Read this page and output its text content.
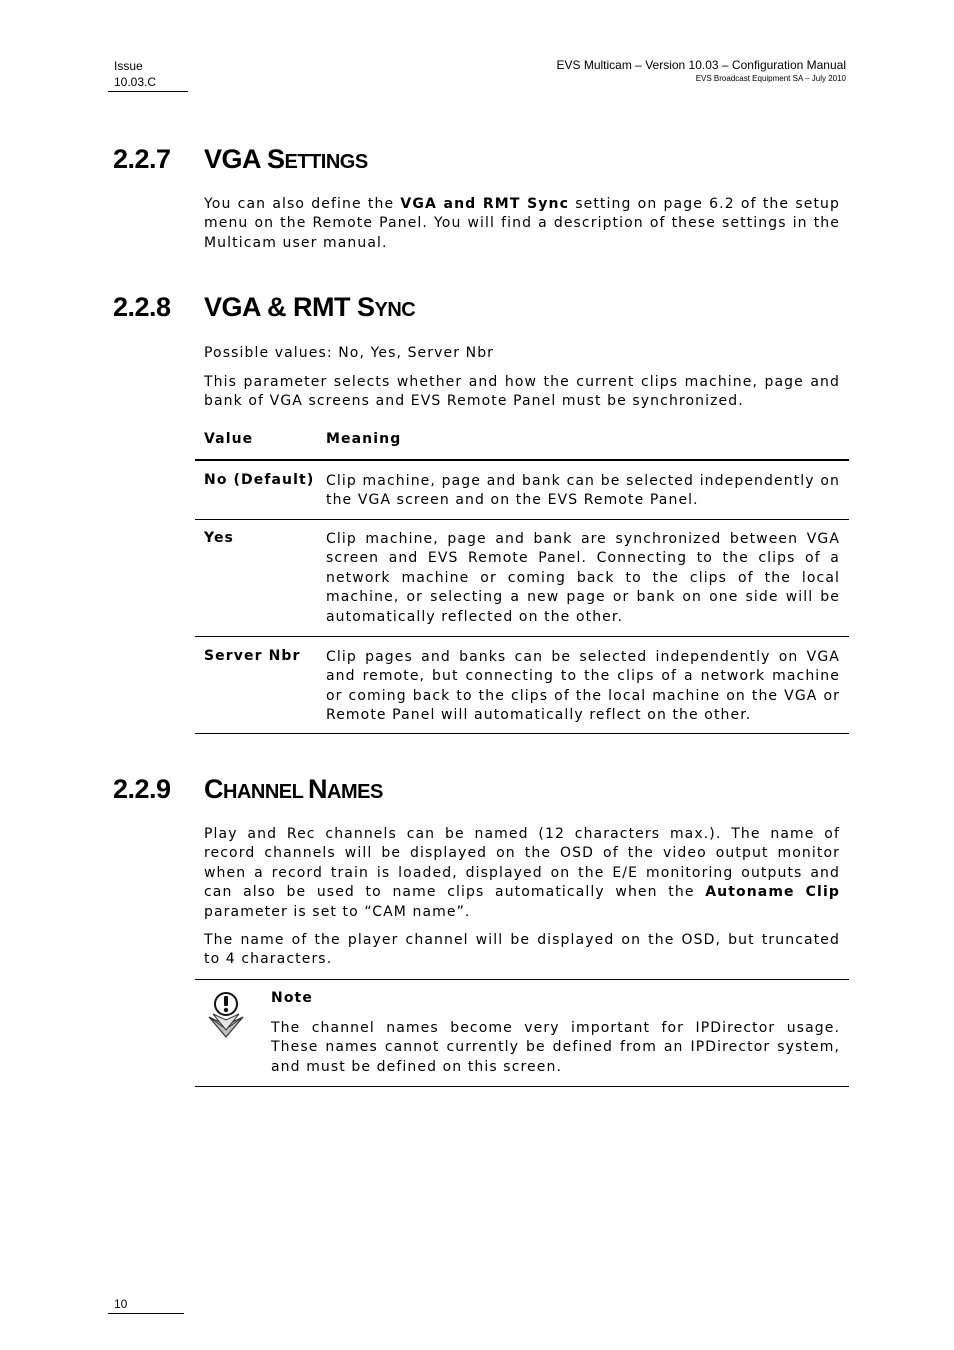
Issue
10.03.C
EVS Multicam – Version 10.03 – Configuration Manual
EVS Broadcast Equipment SA – July 2010
2.2.7 VGA SETTINGS
You can also define the VGA and RMT Sync setting on page 6.2 of the setup menu on the Remote Panel. You will find a description of these settings in the Multicam user manual.
2.2.8 VGA & RMT SYNC
Possible values: No, Yes, Server Nbr
This parameter selects whether and how the current clips machine, page and bank of VGA screens and EVS Remote Panel must be synchronized.
Value	Meaning
No (Default) Clip machine, page and bank can be selected independently on the VGA screen and on the EVS Remote Panel.
Yes	Clip machine, page and bank are synchronized between VGA screen and EVS Remote Panel. Connecting to the clips of a network machine or coming back to the clips of the local machine, or selecting a new page or bank on one side will be automatically reflected on the other.
Server Nbr Clip pages and banks can be selected independently on VGA and remote, but connecting to the clips of a network machine or coming back to the clips of the local machine on the VGA or Remote Panel will automatically reflect on the other.
2.2.9 CHANNEL NAMES
Play and Rec channels can be named (12 characters max.). The name of record channels will be displayed on the OSD of the video output monitor when a record train is loaded, displayed on the E/E monitoring outputs and can also be used to name clips automatically when the Autoname Clip parameter is set to “CAM name”.
The name of the player channel will be displayed on the OSD, but truncated to 4 characters.
Note
The channel names become very important for IPDirector usage. These names cannot currently be defined from an IPDirector system, and must be defined on this screen.
10
